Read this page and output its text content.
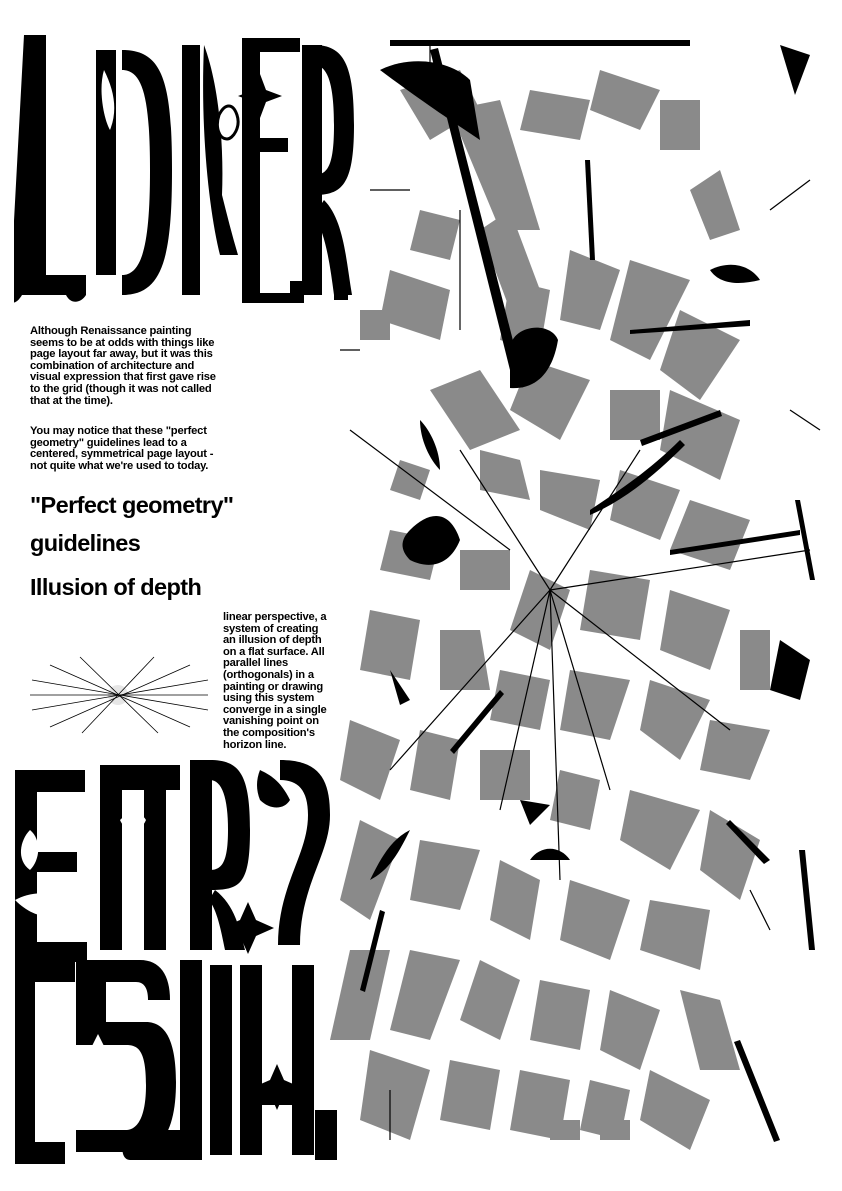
Although Renaissance painting seems to be at odds with things like page layout far away, but it was this combination of architecture and visual expression that first gave rise to the grid (though it was not called that at the time).
You may notice that these "perfect geometry" guidelines lead to a centered, symmetrical page layout - not quite what we're used to today.
"Perfect geometry"
guidelines
Illusion of depth
linear perspective, a system of creating an illusion of depth on a flat surface. All parallel lines (orthogonals) in a painting or drawing using this system converge in a single vanishing point on the composition's horizon line.
